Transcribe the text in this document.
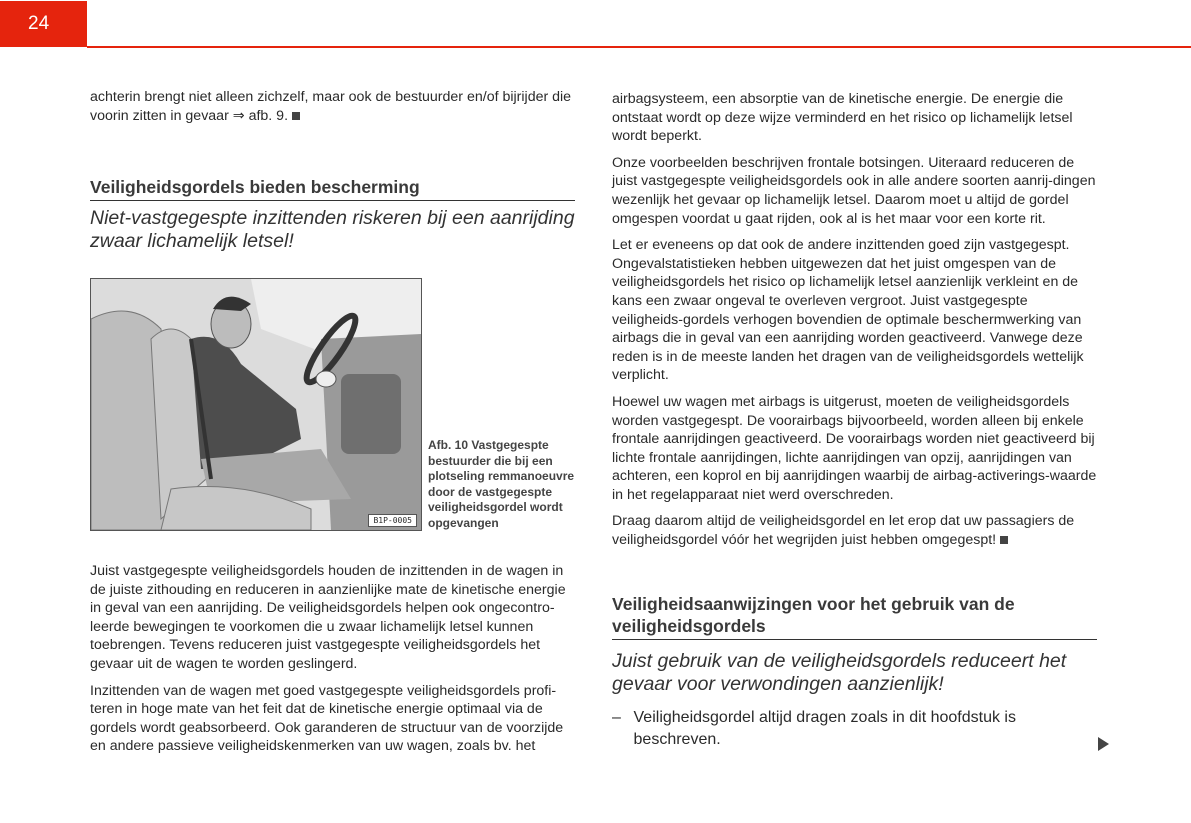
24

achterin brengt niet alleen zichzelf, maar ook de bestuurder en/of bijrijder die voorin zitten in gevaar ⇒ afb. 9.

Veiligheidsgordels bieden bescherming
Niet-vastgegespte inzittenden riskeren bij een aanrijding zwaar lichamelijk letsel!
B1P-0005
Afb. 10 Vastgegespte bestuurder die bij een plotseling remmanoeuvre door de vastgegespte veiligheidsgordel wordt opgevangen

Juist vastgegespte veiligheidsgordels houden de inzittenden in de wagen in de juiste zithouding en reduceren in aanzienlijke mate de kinetische energie in geval van een aanrijding. De veiligheidsgordels helpen ook ongecontro-leerde bewegingen te voorkomen die u zwaar lichamelijk letsel kunnen toebrengen. Tevens reduceren juist vastgegespte veiligheidsgordels het gevaar uit de wagen te worden geslingerd.

Inzittenden van de wagen met goed vastgegespte veiligheidsgordels profi-teren in hoge mate van het feit dat de kinetische energie optimaal via de gordels wordt geabsorbeerd. Ook garanderen de structuur van de voorzijde en andere passieve veiligheidskenmerken van uw wagen, zoals bv. het

airbagsysteem, een absorptie van de kinetische energie. De energie die ontstaat wordt op deze wijze verminderd en het risico op lichamelijk letsel wordt beperkt.

Onze voorbeelden beschrijven frontale botsingen. Uiteraard reduceren de juist vastgegespte veiligheidsgordels ook in alle andere soorten aanrij-dingen wezenlijk het gevaar op lichamelijk letsel. Daarom moet u altijd de gordel omgespen voordat u gaat rijden, ook al is het maar voor een korte rit.

Let er eveneens op dat ook de andere inzittenden goed zijn vastgegespt. Ongevalstatistieken hebben uitgewezen dat het juist omgespen van de veiligheidsgordels het risico op lichamelijk letsel aanzienlijk verkleint en de kans een zwaar ongeval te overleven vergroot. Juist vastgegespte veiligheids-gordels verhogen bovendien de optimale beschermwerking van airbags die in geval van een aanrijding worden geactiveerd. Vanwege deze reden is in de meeste landen het dragen van de veiligheidsgordels wettelijk verplicht.

Hoewel uw wagen met airbags is uitgerust, moeten de veiligheidsgordels worden vastgegespt. De voorairbags bijvoorbeeld, worden alleen bij enkele frontale aanrijdingen geactiveerd. De voorairbags worden niet geactiveerd bij lichte frontale aanrijdingen, lichte aanrijdingen van opzij, aanrijdingen van achteren, een koprol en bij aanrijdingen waarbij de airbag-activerings-waarde in het regelapparaat niet werd overschreden.

Draag daarom altijd de veiligheidsgordel en let erop dat uw passagiers de veiligheidsgordel vóór het wegrijden juist hebben omgegespt!

Veiligheidsaanwijzingen voor het gebruik van de veiligheidsgordels
Juist gebruik van de veiligheidsgordels reduceert het gevaar voor verwondingen aanzienlijk!
– Veiligheidsgordel altijd dragen zoals in dit hoofdstuk is beschreven.
